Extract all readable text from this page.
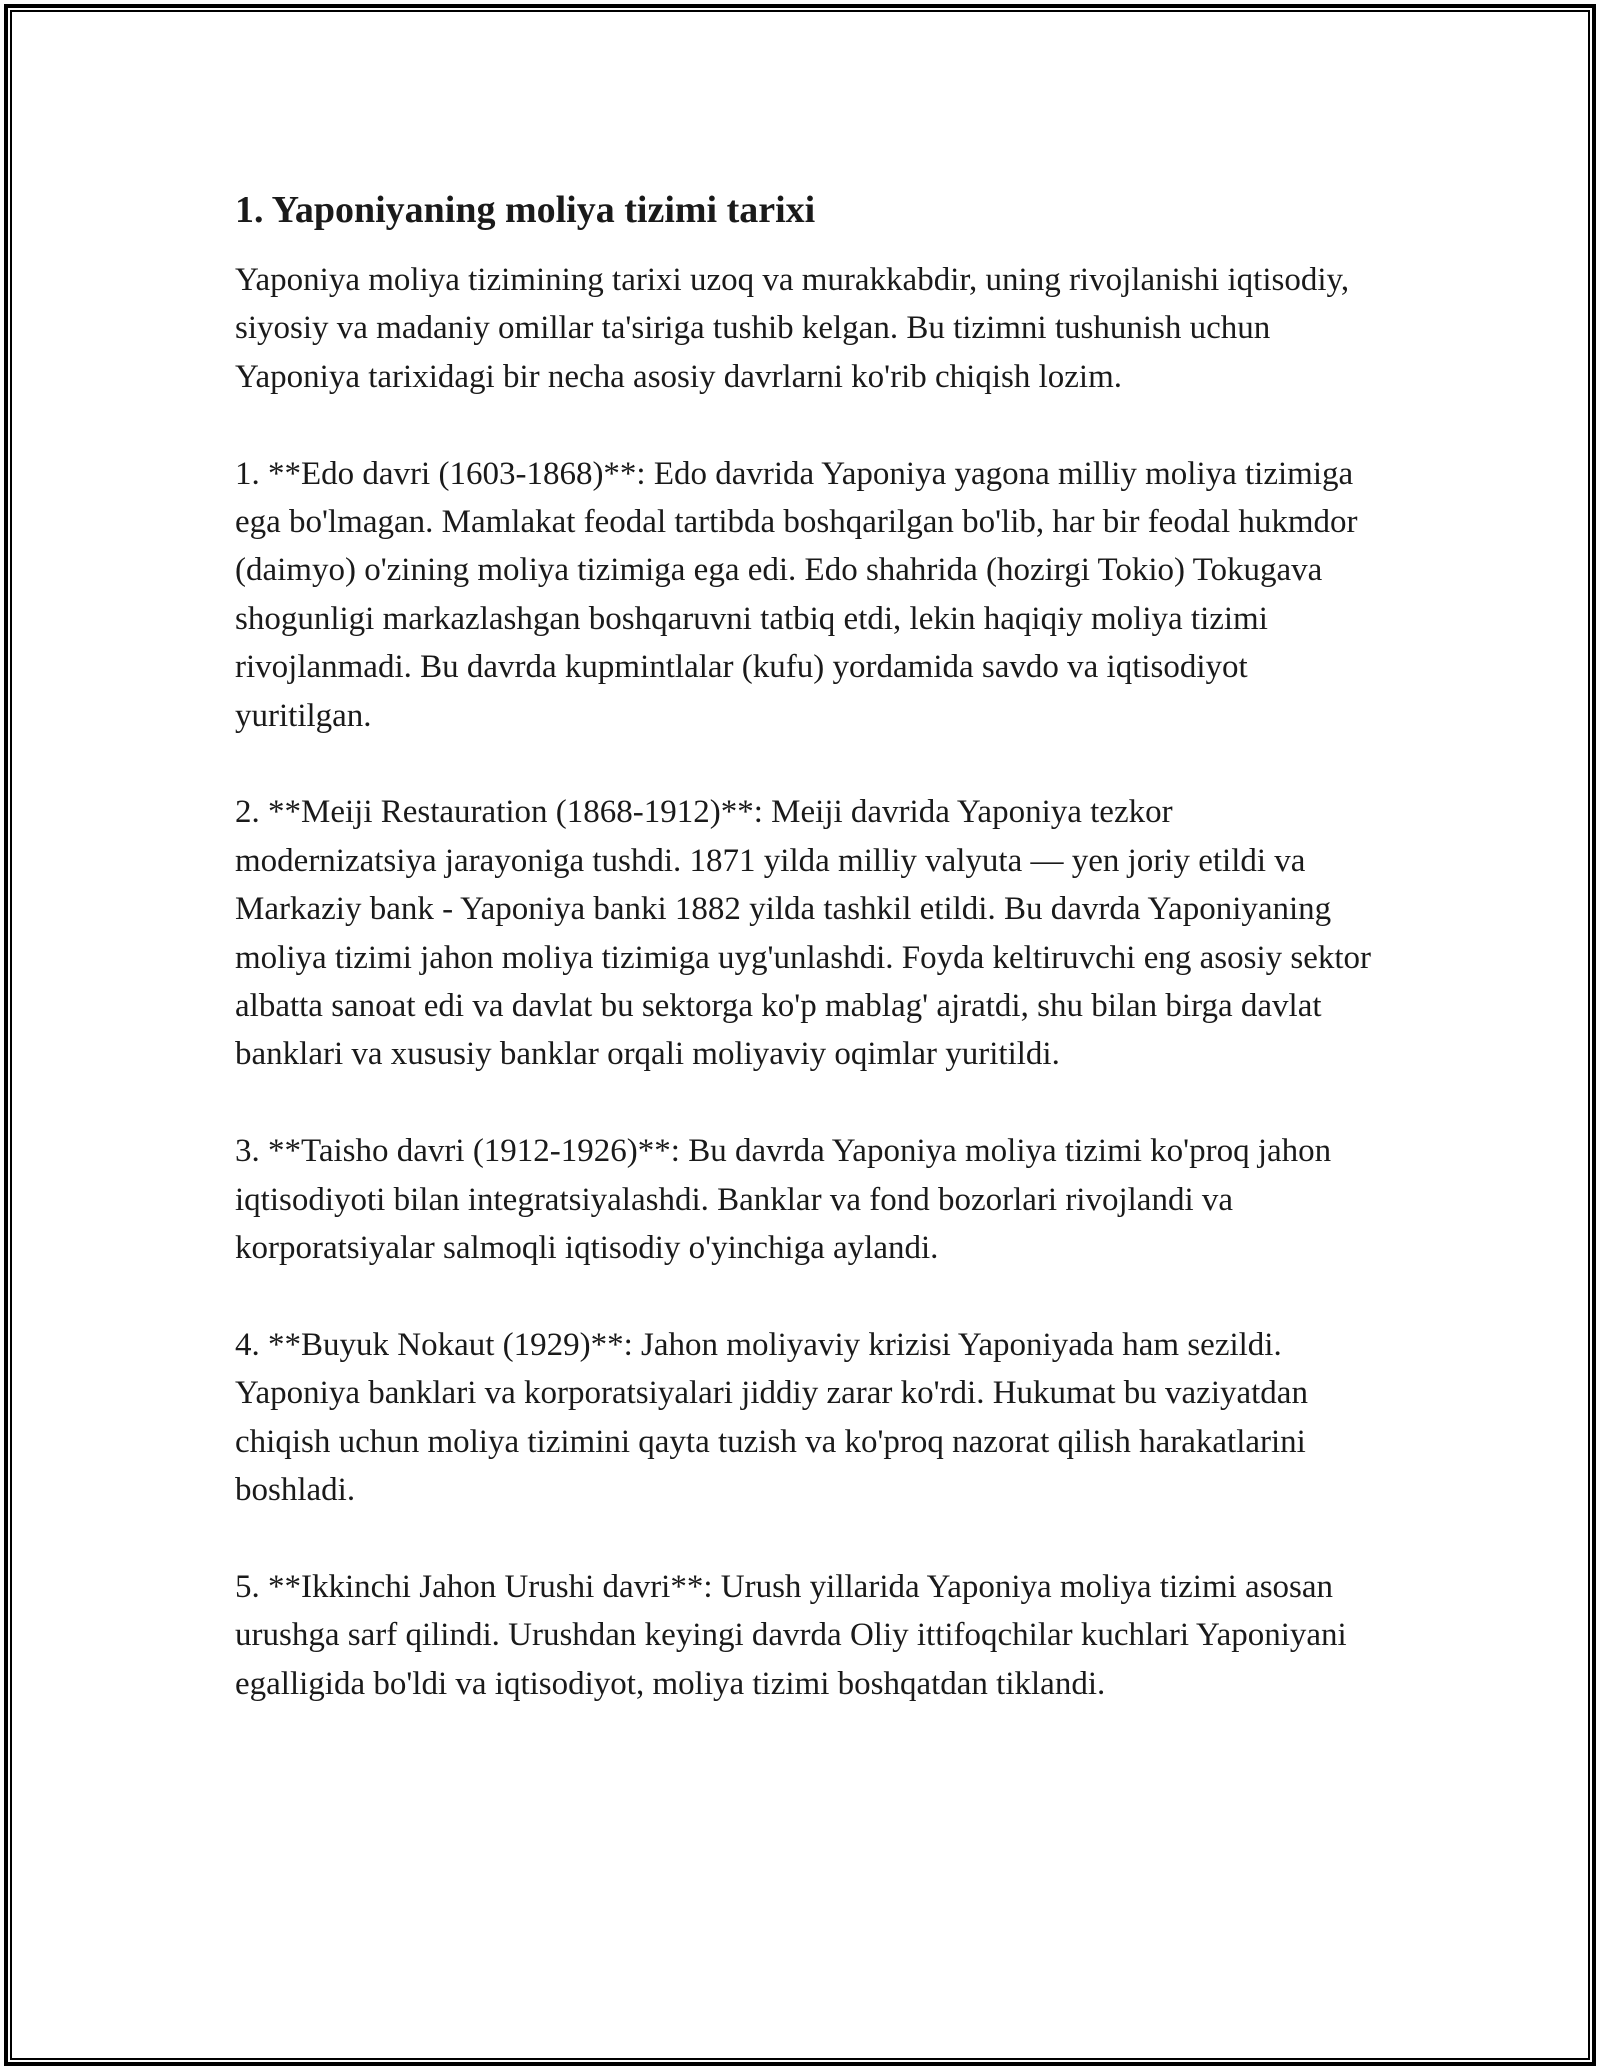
1. Yaponiyaning moliya tizimi tarixi

Yaponiya moliya tizimining tarixi uzoq va murakkabdir, uning rivojlanishi iqtisodiy, siyosiy va madaniy omillar ta'siriga tushib kelgan. Bu tizimni tushunish uchun Yaponiya tarixidagi bir necha asosiy davrlarni ko'rib chiqish lozim.

1. **Edo davri (1603-1868)**: Edo davrida Yaponiya yagona milliy moliya tizimiga ega bo'lmagan. Mamlakat feodal tartibda boshqarilgan bo'lib, har bir feodal hukmdor (daimyo) o'zining moliya tizimiga ega edi. Edo shahrida (hozirgi Tokio) Tokugava shogunligi markazlashgan boshqaruvni tatbiq etdi, lekin haqiqiy moliya tizimi rivojlanmadi. Bu davrda kupmintlalar (kufu) yordamida savdo va iqtisodiyot yuritilgan.

2. **Meiji Restauration (1868-1912)**: Meiji davrida Yaponiya tezkor modernizatsiya jarayoniga tushdi. 1871 yilda milliy valyuta — yen joriy etildi va Markaziy bank - Yaponiya banki 1882 yilda tashkil etildi. Bu davrda Yaponiyaning moliya tizimi jahon moliya tizimiga uyg'unlashdi. Foyda keltiruvchi eng asosiy sektor albatta sanoat edi va davlat bu sektorga ko'p mablag' ajratdi, shu bilan birga davlat banklari va xususiy banklar orqali moliyaviy oqimlar yuritildi.

3. **Taisho davri (1912-1926)**: Bu davrda Yaponiya moliya tizimi ko'proq jahon iqtisodiyoti bilan integratsiyalashdi. Banklar va fond bozorlari rivojlandi va korporatsiyalar salmoqli iqtisodiy o'yinchiga aylandi.

4. **Buyuk Nokaut (1929)**: Jahon moliyaviy krizisi Yaponiyada ham sezildi. Yaponiya banklari va korporatsiyalari jiddiy zarar ko'rdi. Hukumat bu vaziyatdan chiqish uchun moliya tizimini qayta tuzish va ko'proq nazorat qilish harakatlarini boshladi.

5. **Ikkinchi Jahon Urushi davri**: Urush yillarida Yaponiya moliya tizimi asosan urushga sarf qilindi. Urushdan keyingi davrda Oliy ittifoqchilar kuchlari Yaponiyani egalligida bo'ldi va iqtisodiyot, moliya tizimi boshqatdan tiklandi.
